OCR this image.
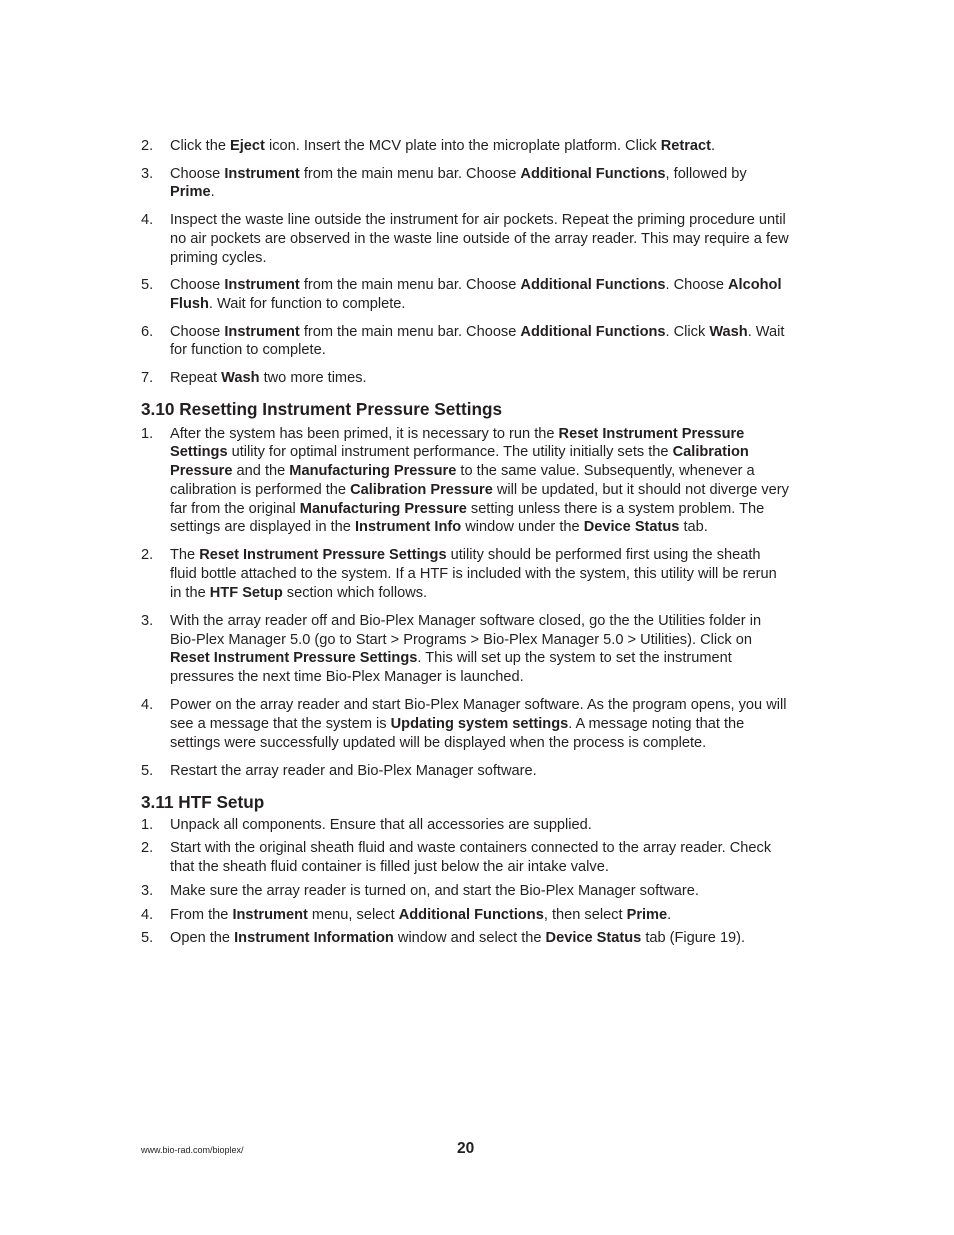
2. Click the Eject icon. Insert the MCV plate into the microplate platform. Click Retract.
3. Choose Instrument from the main menu bar. Choose Additional Functions, followed by Prime.
4. Inspect the waste line outside the instrument for air pockets. Repeat the priming procedure until no air pockets are observed in the waste line outside of the array reader. This may require a few priming cycles.
5. Choose Instrument from the main menu bar. Choose Additional Functions. Choose Alcohol Flush. Wait for function to complete.
6. Choose Instrument from the main menu bar. Choose Additional Functions. Click Wash. Wait for function to complete.
7. Repeat Wash two more times.
3.10 Resetting Instrument Pressure Settings
1. After the system has been primed, it is necessary to run the Reset Instrument Pressure Settings utility for optimal instrument performance. The utility initially sets the Calibration Pressure and the Manufacturing Pressure to the same value. Subsequently, whenever a calibration is performed the Calibration Pressure will be updated, but it should not diverge very far from the original Manufacturing Pressure setting unless there is a system problem. The settings are displayed in the Instrument Info window under the Device Status tab.
2. The Reset Instrument Pressure Settings utility should be performed first using the sheath fluid bottle attached to the system. If a HTF is included with the system, this utility will be rerun in the HTF Setup section which follows.
3. With the array reader off and Bio-Plex Manager software closed, go the the Utilities folder in Bio-Plex Manager 5.0 (go to Start > Programs > Bio-Plex Manager 5.0 > Utilities). Click on Reset Instrument Pressure Settings. This will set up the system to set the instrument pressures the next time Bio-Plex Manager is launched.
4. Power on the array reader and start Bio-Plex Manager software. As the program opens, you will see a message that the system is Updating system settings. A message noting that the settings were successfully updated will be displayed when the process is complete.
5. Restart the array reader and Bio-Plex Manager software.
3.11 HTF Setup
1. Unpack all components. Ensure that all accessories are supplied.
2. Start with the original sheath fluid and waste containers connected to the array reader. Check that the sheath fluid container is filled just below the air intake valve.
3. Make sure the array reader is turned on, and start the Bio-Plex Manager software.
4. From the Instrument menu, select Additional Functions, then select Prime.
5. Open the Instrument Information window and select the Device Status tab (Figure 19).
www.bio-rad.com/bioplex/	20
